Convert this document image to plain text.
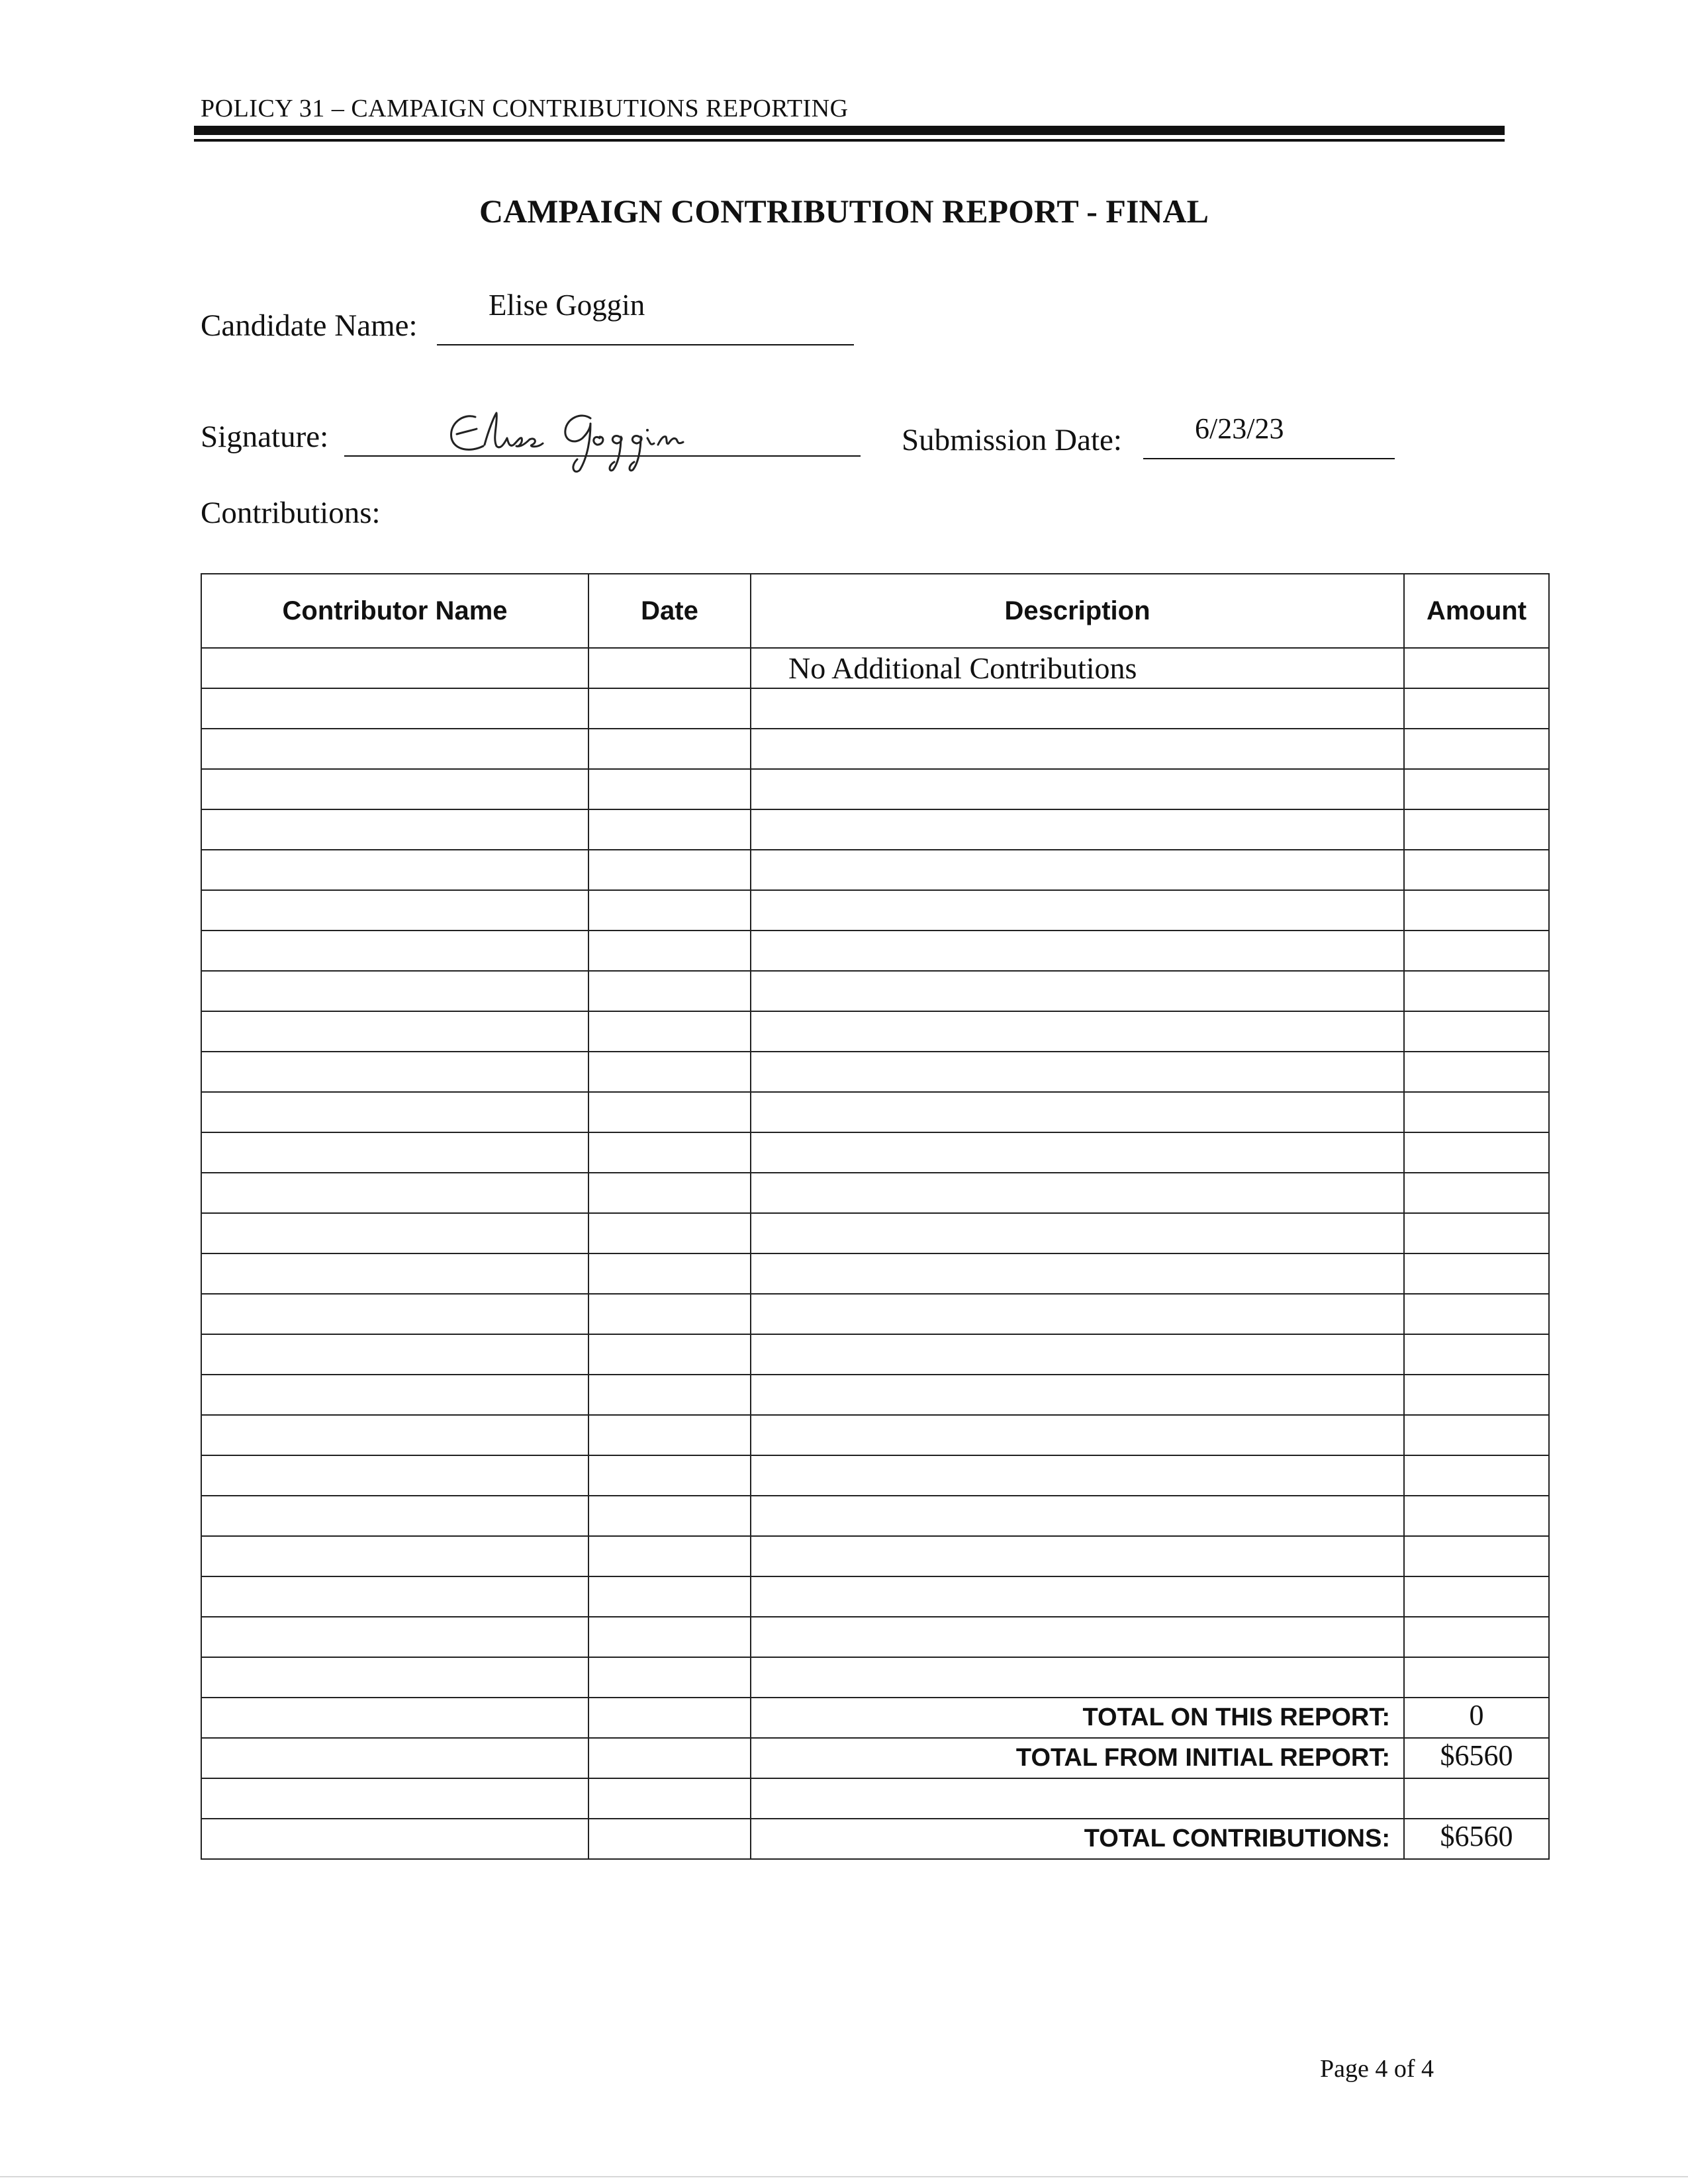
POLICY 31 – CAMPAIGN CONTRIBUTIONS REPORTING
CAMPAIGN CONTRIBUTION REPORT - FINAL
Candidate Name:
Elise Goggin
Signature:	Submission Date:	6/23/23
Contributions:
Contributor Name	Date	Description	Amount
		No Additional Contributions	

		TOTAL ON THIS REPORT:	0
		TOTAL FROM INITIAL REPORT:	$6560

		TOTAL CONTRIBUTIONS:	$6560
Page 4 of 4
